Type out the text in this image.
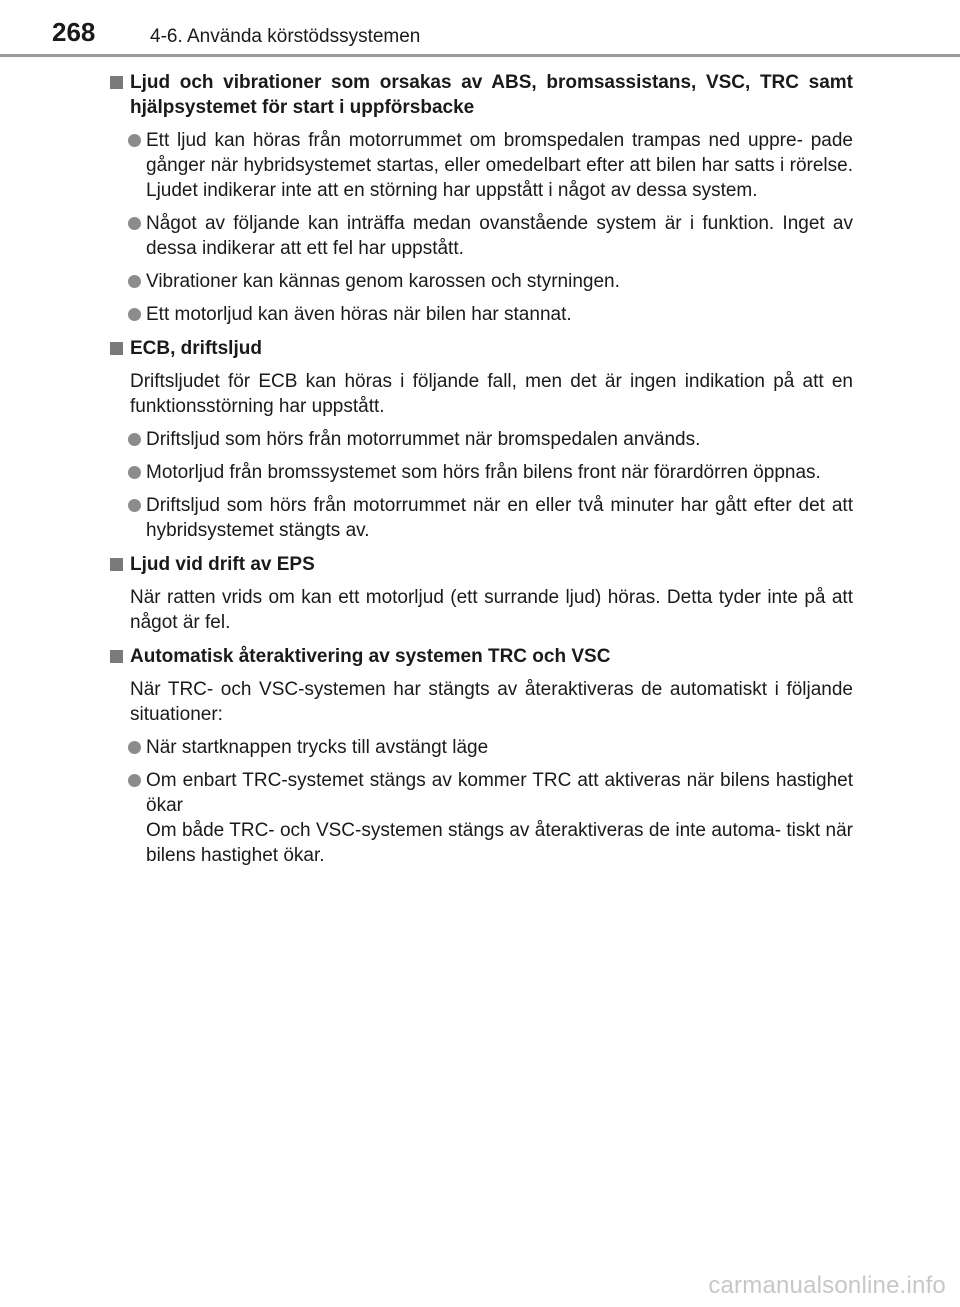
268	4-6. Använda körstödssystemen
Ljud och vibrationer som orsakas av ABS, bromsassistans, VSC, TRC samt hjälpsystemet för start i uppförsbacke
Ett ljud kan höras från motorrummet om bromspedalen trampas ned uppre- pade gånger när hybridsystemet startas, eller omedelbart efter att bilen har satts i rörelse. Ljudet indikerar inte att en störning har uppstått i något av dessa system.
Något av följande kan inträffa medan ovanstående system är i funktion. Inget av dessa indikerar att ett fel har uppstått.
Vibrationer kan kännas genom karossen och styrningen.
Ett motorljud kan även höras när bilen har stannat.
ECB, driftsljud
Driftsljudet för ECB kan höras i följande fall, men det är ingen indikation på att en funktionsstörning har uppstått.
Driftsljud som hörs från motorrummet när bromspedalen används.
Motorljud från bromssystemet som hörs från bilens front när förardörren öppnas.
Driftsljud som hörs från motorrummet när en eller två minuter har gått efter det att hybridsystemet stängts av.
Ljud vid drift av EPS
När ratten vrids om kan ett motorljud (ett surrande ljud) höras. Detta tyder inte på att något är fel.
Automatisk återaktivering av systemen TRC och VSC
När TRC- och VSC-systemen har stängts av återaktiveras de automatiskt i följande situationer:
När startknappen trycks till avstängt läge
Om enbart TRC-systemet stängs av kommer TRC att aktiveras när bilens hastighet ökar
Om både TRC- och VSC-systemen stängs av återaktiveras de inte automa- tiskt när bilens hastighet ökar.
carmanualsonline.info
